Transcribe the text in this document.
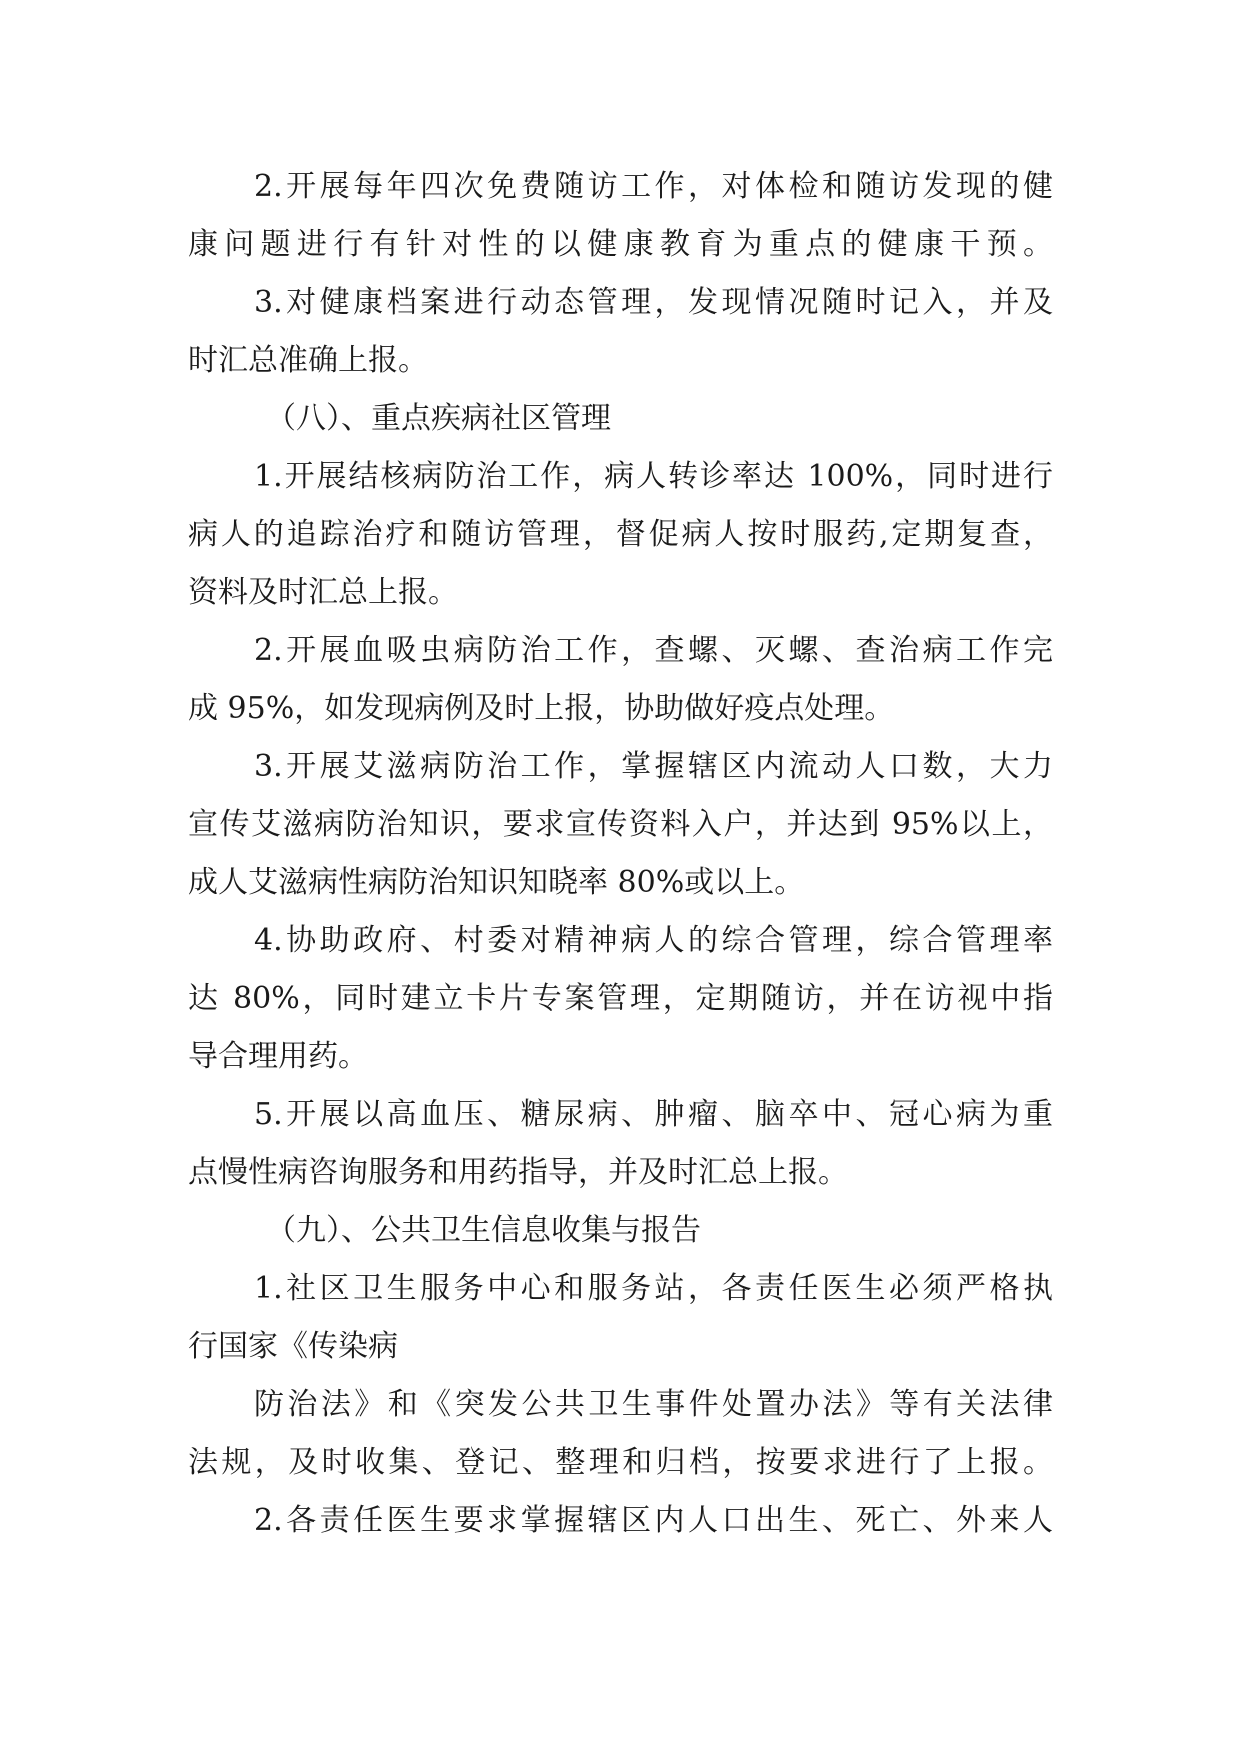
2.开展每年四次免费随访工作，对体检和随访发现的健
康问题进行有针对性的以健康教育为重点的健康干预。
3.对健康档案进行动态管理，发现情况随时记入，并及
时汇总准确上报。
（八）、重点疾病社区管理
1.开展结核病防治工作，病人转诊率达 100%，同时进行
病人的追踪治疗和随访管理，督促病人按时服药,定期复查，
资料及时汇总上报。
2.开展血吸虫病防治工作，查螺、灭螺、查治病工作完
成 95%，如发现病例及时上报，协助做好疫点处理。
3.开展艾滋病防治工作，掌握辖区内流动人口数，大力
宣传艾滋病防治知识，要求宣传资料入户，并达到 95%以上，
成人艾滋病性病防治知识知晓率 80%或以上。
4.协助政府、村委对精神病人的综合管理，综合管理率
达 80%，同时建立卡片专案管理，定期随访，并在访视中指
导合理用药。
5.开展以高血压、糖尿病、肿瘤、脑卒中、冠心病为重
点慢性病咨询服务和用药指导，并及时汇总上报。
（九）、公共卫生信息收集与报告
1.社区卫生服务中心和服务站，各责任医生必须严格执
行国家《传染病
防治法》和《突发公共卫生事件处置办法》等有关法律
法规，及时收集、登记、整理和归档，按要求进行了上报。
2.各责任医生要求掌握辖区内人口出生、死亡、外来人
